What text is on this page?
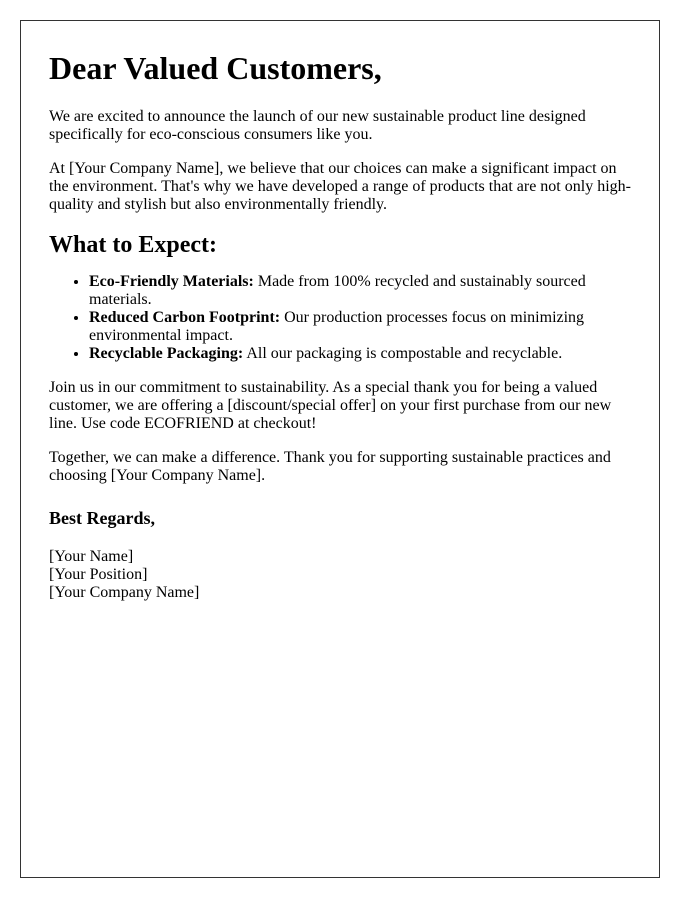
Dear Valued Customers,

We are excited to announce the launch of our new sustainable product line designed specifically for eco-conscious consumers like you.

At [Your Company Name], we believe that our choices can make a significant impact on the environment. That's why we have developed a range of products that are not only high-quality and stylish but also environmentally friendly.

What to Expect:
• Eco-Friendly Materials: Made from 100% recycled and sustainably sourced materials.
• Reduced Carbon Footprint: Our production processes focus on minimizing environmental impact.
• Recyclable Packaging: All our packaging is compostable and recyclable.

Join us in our commitment to sustainability. As a special thank you for being a valued customer, we are offering a [discount/special offer] on your first purchase from our new line. Use code ECOFRIEND at checkout!

Together, we can make a difference. Thank you for supporting sustainable practices and choosing [Your Company Name].

Best Regards,
[Your Name]
[Your Position]
[Your Company Name]
